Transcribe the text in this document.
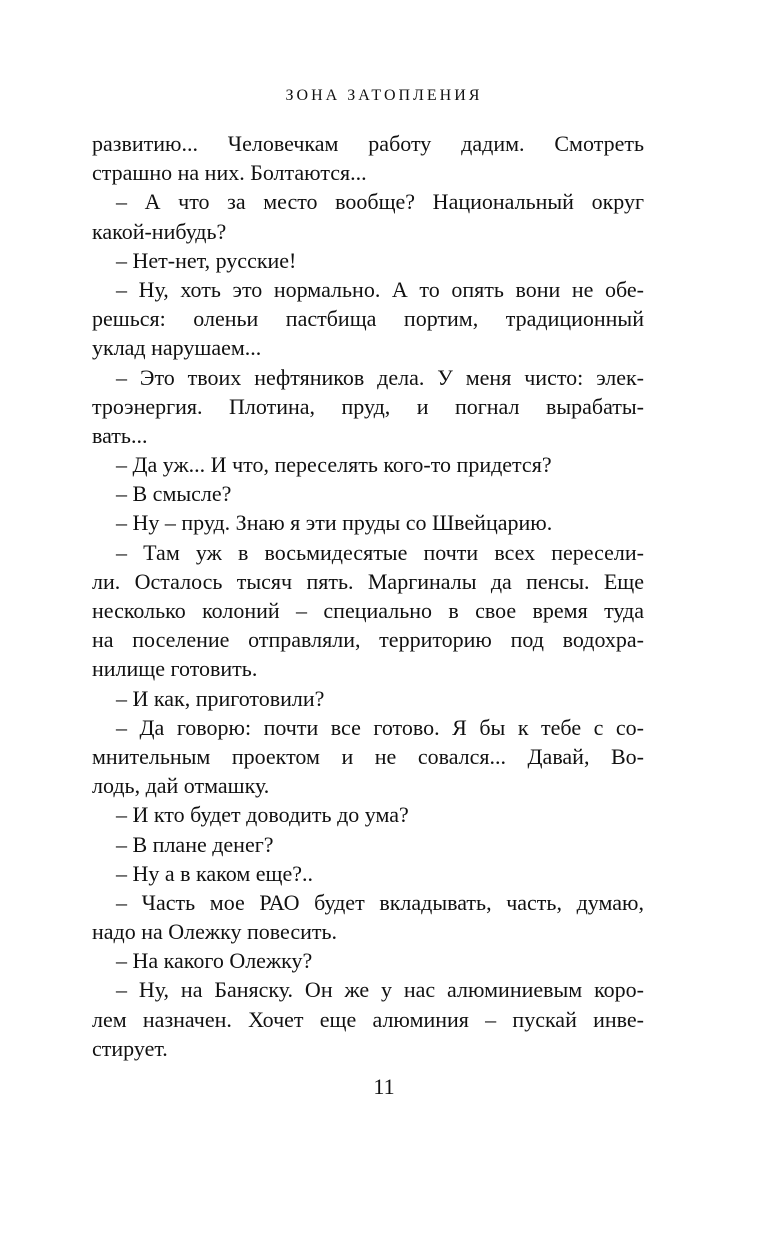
ЗОНА ЗАТОПЛЕНИЯ
развитию... Человечкам работу дадим. Смотреть
страшно на них. Болтаются...
– А что за место вообще? Национальный округ
какой-нибудь?
– Нет-нет, русские!
– Ну, хоть это нормально. А то опять вони не обе-
решься: оленьи пастбища портим, традиционный
уклад нарушаем...
– Это твоих нефтяников дела. У меня чисто: элек-
троэнергия. Плотина, пруд, и погнал вырабаты-
вать...
– Да уж... И что, переселять кого-то придется?
– В смысле?
– Ну – пруд. Знаю я эти пруды со Швейцарию.
– Там уж в восьмидесятые почти всех пересели-
ли. Осталось тысяч пять. Маргиналы да пенсы. Еще
несколько колоний – специально в свое время туда
на поселение отправляли, территорию под водохра-
нилище готовить.
– И как, приготовили?
– Да говорю: почти все готово. Я бы к тебе с со-
мнительным проектом и не совался... Давай, Во-
лодь, дай отмашку.
– И кто будет доводить до ума?
– В плане денег?
– Ну а в каком еще?..
– Часть мое РАО будет вкладывать, часть, думаю,
надо на Олежку повесить.
– На какого Олежку?
– Ну, на Баняску. Он же у нас алюминиевым коро-
лем назначен. Хочет еще алюминия – пускай инве-
стирует.
11
